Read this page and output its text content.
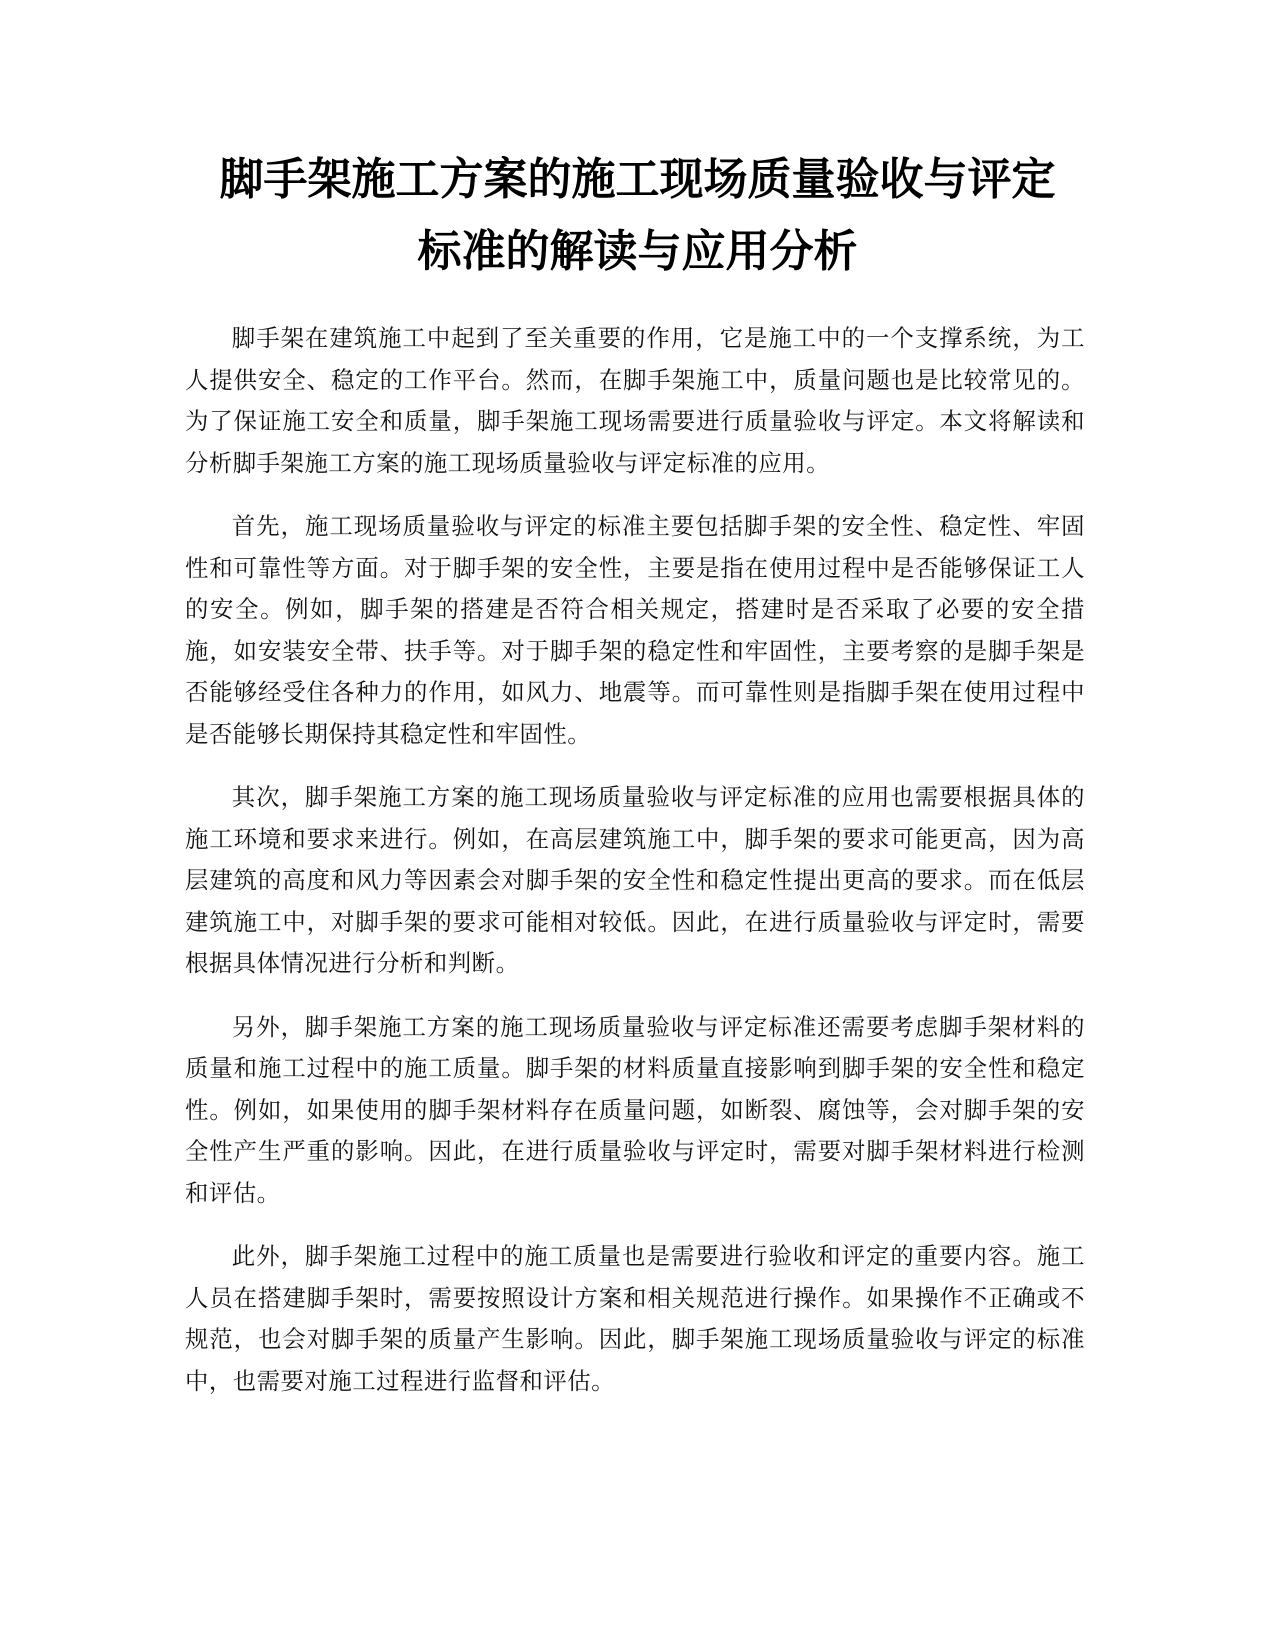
脚手架施工方案的施工现场质量验收与评定
标准的解读与应用分析

脚手架在建筑施工中起到了至关重要的作用，它是施工中的一个支撑系统，为工人提供安全、稳定的工作平台。然而，在脚手架施工中，质量问题也是比较常见的。为了保证施工安全和质量，脚手架施工现场需要进行质量验收与评定。本文将解读和分析脚手架施工方案的施工现场质量验收与评定标准的应用。

首先，施工现场质量验收与评定的标准主要包括脚手架的安全性、稳定性、牢固性和可靠性等方面。对于脚手架的安全性，主要是指在使用过程中是否能够保证工人的安全。例如，脚手架的搭建是否符合相关规定，搭建时是否采取了必要的安全措施，如安装安全带、扶手等。对于脚手架的稳定性和牢固性，主要考察的是脚手架是否能够经受住各种力的作用，如风力、地震等。而可靠性则是指脚手架在使用过程中是否能够长期保持其稳定性和牢固性。

其次，脚手架施工方案的施工现场质量验收与评定标准的应用也需要根据具体的施工环境和要求来进行。例如，在高层建筑施工中，脚手架的要求可能更高，因为高层建筑的高度和风力等因素会对脚手架的安全性和稳定性提出更高的要求。而在低层建筑施工中，对脚手架的要求可能相对较低。因此，在进行质量验收与评定时，需要根据具体情况进行分析和判断。

另外，脚手架施工方案的施工现场质量验收与评定标准还需要考虑脚手架材料的质量和施工过程中的施工质量。脚手架的材料质量直接影响到脚手架的安全性和稳定性。例如，如果使用的脚手架材料存在质量问题，如断裂、腐蚀等，会对脚手架的安全性产生严重的影响。因此，在进行质量验收与评定时，需要对脚手架材料进行检测和评估。

此外，脚手架施工过程中的施工质量也是需要进行验收和评定的重要内容。施工人员在搭建脚手架时，需要按照设计方案和相关规范进行操作。如果操作不正确或不规范，也会对脚手架的质量产生影响。因此，脚手架施工现场质量验收与评定的标准中，也需要对施工过程进行监督和评估。
